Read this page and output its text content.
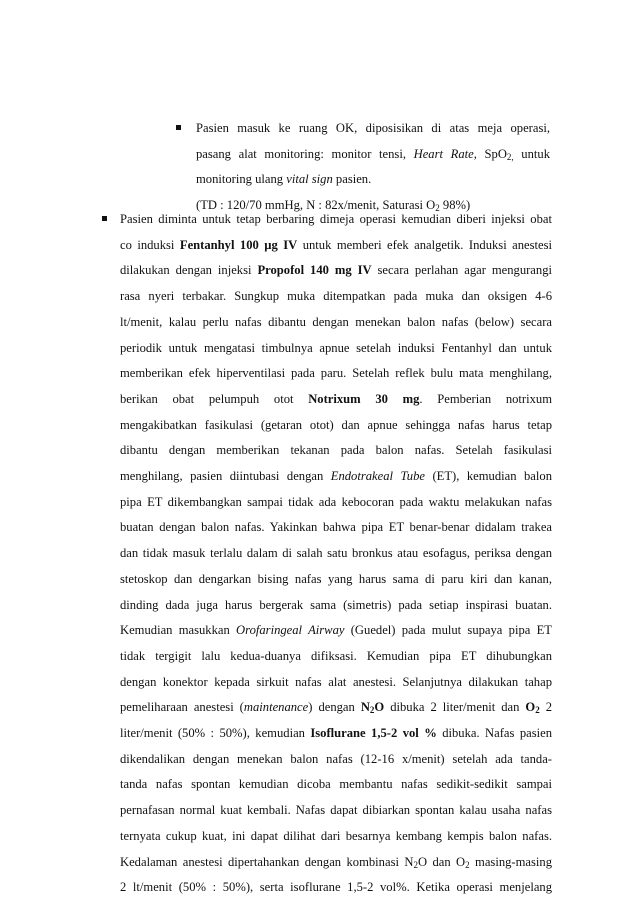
Pasien masuk ke ruang OK, diposisikan di atas meja operasi,
pasang alat monitoring: monitor tensi, Heart Rate, SpO$_{2,}$ untuk
monitoring ulang vital sign pasien.
(TD : 120/70 mmHg, N : 82x/menit, Saturasi $O_2$ 98%)
Pasien diminta untuk tetap berbaring dimeja operasi kemudian diberi injeksi obat
co induksi Fentanhyl 100 µg IV untuk memberi efek analgetik. Induksi anestesi
dilakukan dengan injeksi Propofol 140 mg IV secara perlahan agar mengurangi
rasa nyeri terbakar. Sungkup muka ditempatkan pada muka dan oksigen 4-6
lt/menit, kalau perlu nafas dibantu dengan menekan balon nafas (below) secara
periodik untuk mengatasi timbulnya apnue setelah induksi Fentanhyl dan untuk
memberikan efek hiperventilasi pada paru. Setelah reflek bulu mata menghilang,
berikan obat pelumpuh otot Notrixum 30 mg. Pemberian notrixum
mengakibatkan fasikulasi (getaran otot) dan apnue sehingga nafas harus tetap
dibantu dengan memberikan tekanan pada balon nafas. Setelah fasikulasi
menghilang, pasien diintubasi dengan Endotrakeal Tube (ET), kemudian balon
pipa ET dikembangkan sampai tidak ada kebocoran pada waktu melakukan nafas
buatan dengan balon nafas. Yakinkan bahwa pipa ET benar-benar didalam trakea
dan tidak masuk terlalu dalam di salah satu bronkus atau esofagus, periksa dengan
stetoskop dan dengarkan bising nafas yang harus sama di paru kiri dan kanan,
dinding dada juga harus bergerak sama (simetris) pada setiap inspirasi buatan.
Kemudian masukkan Orofaringeal Airway (Guedel) pada mulut supaya pipa ET
tidak tergigit lalu kedua-duanya difiksasi. Kemudian pipa ET dihubungkan
dengan konektor kepada sirkuit nafas alat anestesi. Selanjutnya dilakukan tahap
pemeliharaan anestesi (maintenance) dengan $N_2O$ dibuka 2 liter/menit dan $O_2$ 2
liter/menit (50% : 50%), kemudian Isoflurane 1,5-2 vol % dibuka. Nafas pasien
dikendalikan dengan menekan balon nafas (12-16 x/menit) setelah ada tanda-
tanda nafas spontan kemudian dicoba membantu nafas sedikit-sedikit sampai
pernafasan normal kuat kembali. Nafas dapat dibiarkan spontan kalau usaha nafas
ternyata cukup kuat, ini dapat dilihat dari besarnya kembang kempis balon nafas.
Kedalaman anestesi dipertahankan dengan kombinasi $N_2O$ dan $O_2$ masing-masing
2 lt/menit (50% : 50%), serta isoflurane 1,5-2 vol%. Ketika operasi menjelang
